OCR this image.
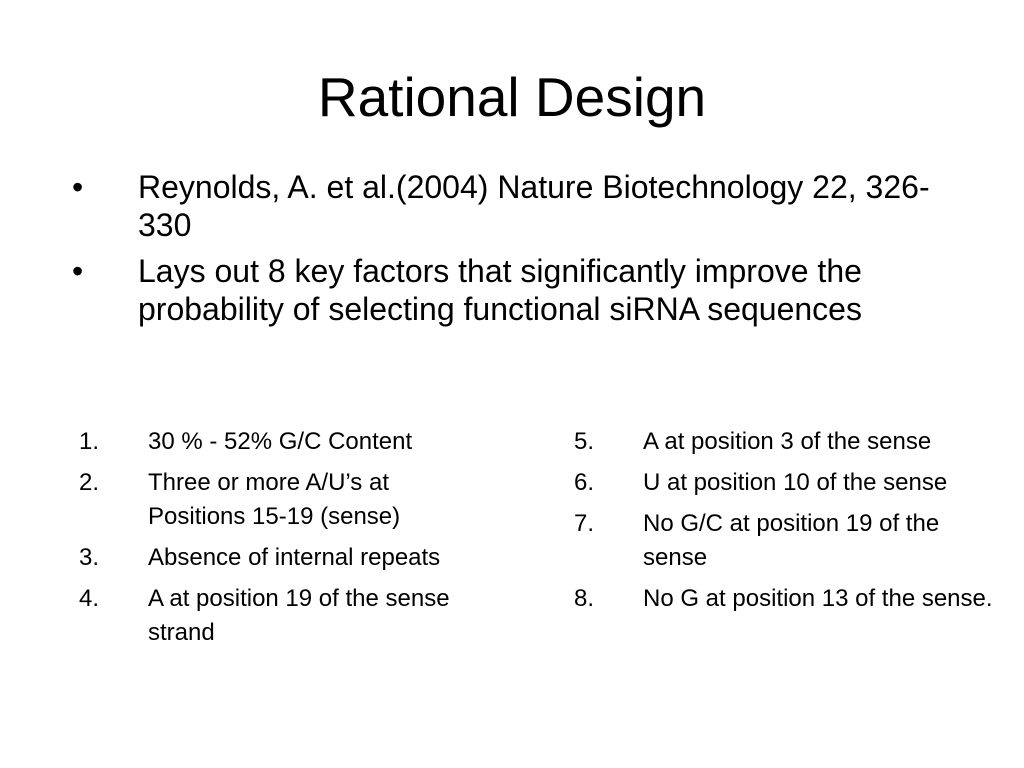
Rational Design
•	Reynolds, A. et al.(2004) Nature Biotechnology 22, 326-330
•	Lays out 8 key factors that significantly improve the probability of selecting functional siRNA sequences
1.	30 % - 52% G/C Content
2.	Three or more A/U’s at Positions 15-19 (sense)
3.	Absence of internal repeats
4.	A at position 19 of the sense strand
5.	A at position 3 of the sense
6.	U at position 10 of the sense
7.	No G/C at position 19 of the sense
8.	No G at position 13 of the sense.
